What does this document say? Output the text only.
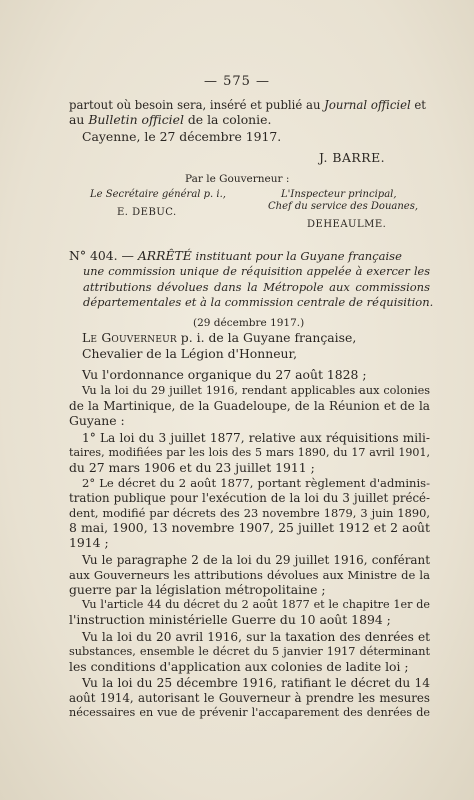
— 575 —
partout où besoin sera, inséré et publié au Journal officiel et
au Bulletin officiel de la colonie.
Cayenne, le 27 décembre 1917.
J. BARRE.
Par le Gouverneur :
Le Secrétaire général p. i.,
E. DEBUC.
L'Inspecteur principal,
Chef du service des Douanes,
DEHEAULME.
N° 404. — ARRÊTÉ instituant pour la Guyane française
une commission unique de réquisition appelée à exercer les
attributions dévolues dans la Métropole aux commissions
départementales et à la commission centrale de réquisition.
(29 décembre 1917.)
Le Gouverneur p. i. de la Guyane française,
Chevalier de la Légion d'Honneur,
Vu l'ordonnance organique du 27 août 1828 ;
Vu la loi du 29 juillet 1916, rendant applicables aux colonies
de la Martinique, de la Guadeloupe, de la Réunion et de la
Guyane :
1° La loi du 3 juillet 1877, relative aux réquisitions mili-
taires, modifiées par les lois des 5 mars 1890, du 17 avril 1901,
du 27 mars 1906 et du 23 juillet 1911 ;
2° Le décret du 2 août 1877, portant règlement d'adminis-
tration publique pour l'exécution de la loi du 3 juillet précé-
dent, modifié par décrets des 23 novembre 1879, 3 juin 1890,
8 mai, 1900, 13 novembre 1907, 25 juillet 1912 et 2 août
1914 ;
Vu le paragraphe 2 de la loi du 29 juillet 1916, conférant
aux Gouverneurs les attributions dévolues aux Ministre de la
guerre par la législation métropolitaine ;
Vu l'article 44 du décret du 2 août 1877 et le chapitre 1er de
l'instruction ministérielle Guerre du 10 août 1894 ;
Vu la loi du 20 avril 1916, sur la taxation des denrées et
substances, ensemble le décret du 5 janvier 1917 déterminant
les conditions d'application aux colonies de ladite loi ;
Vu la loi du 25 décembre 1916, ratifiant le décret du 14
août 1914, autorisant le Gouverneur à prendre les mesures
nécessaires en vue de prévenir l'accaparement des denrées de
